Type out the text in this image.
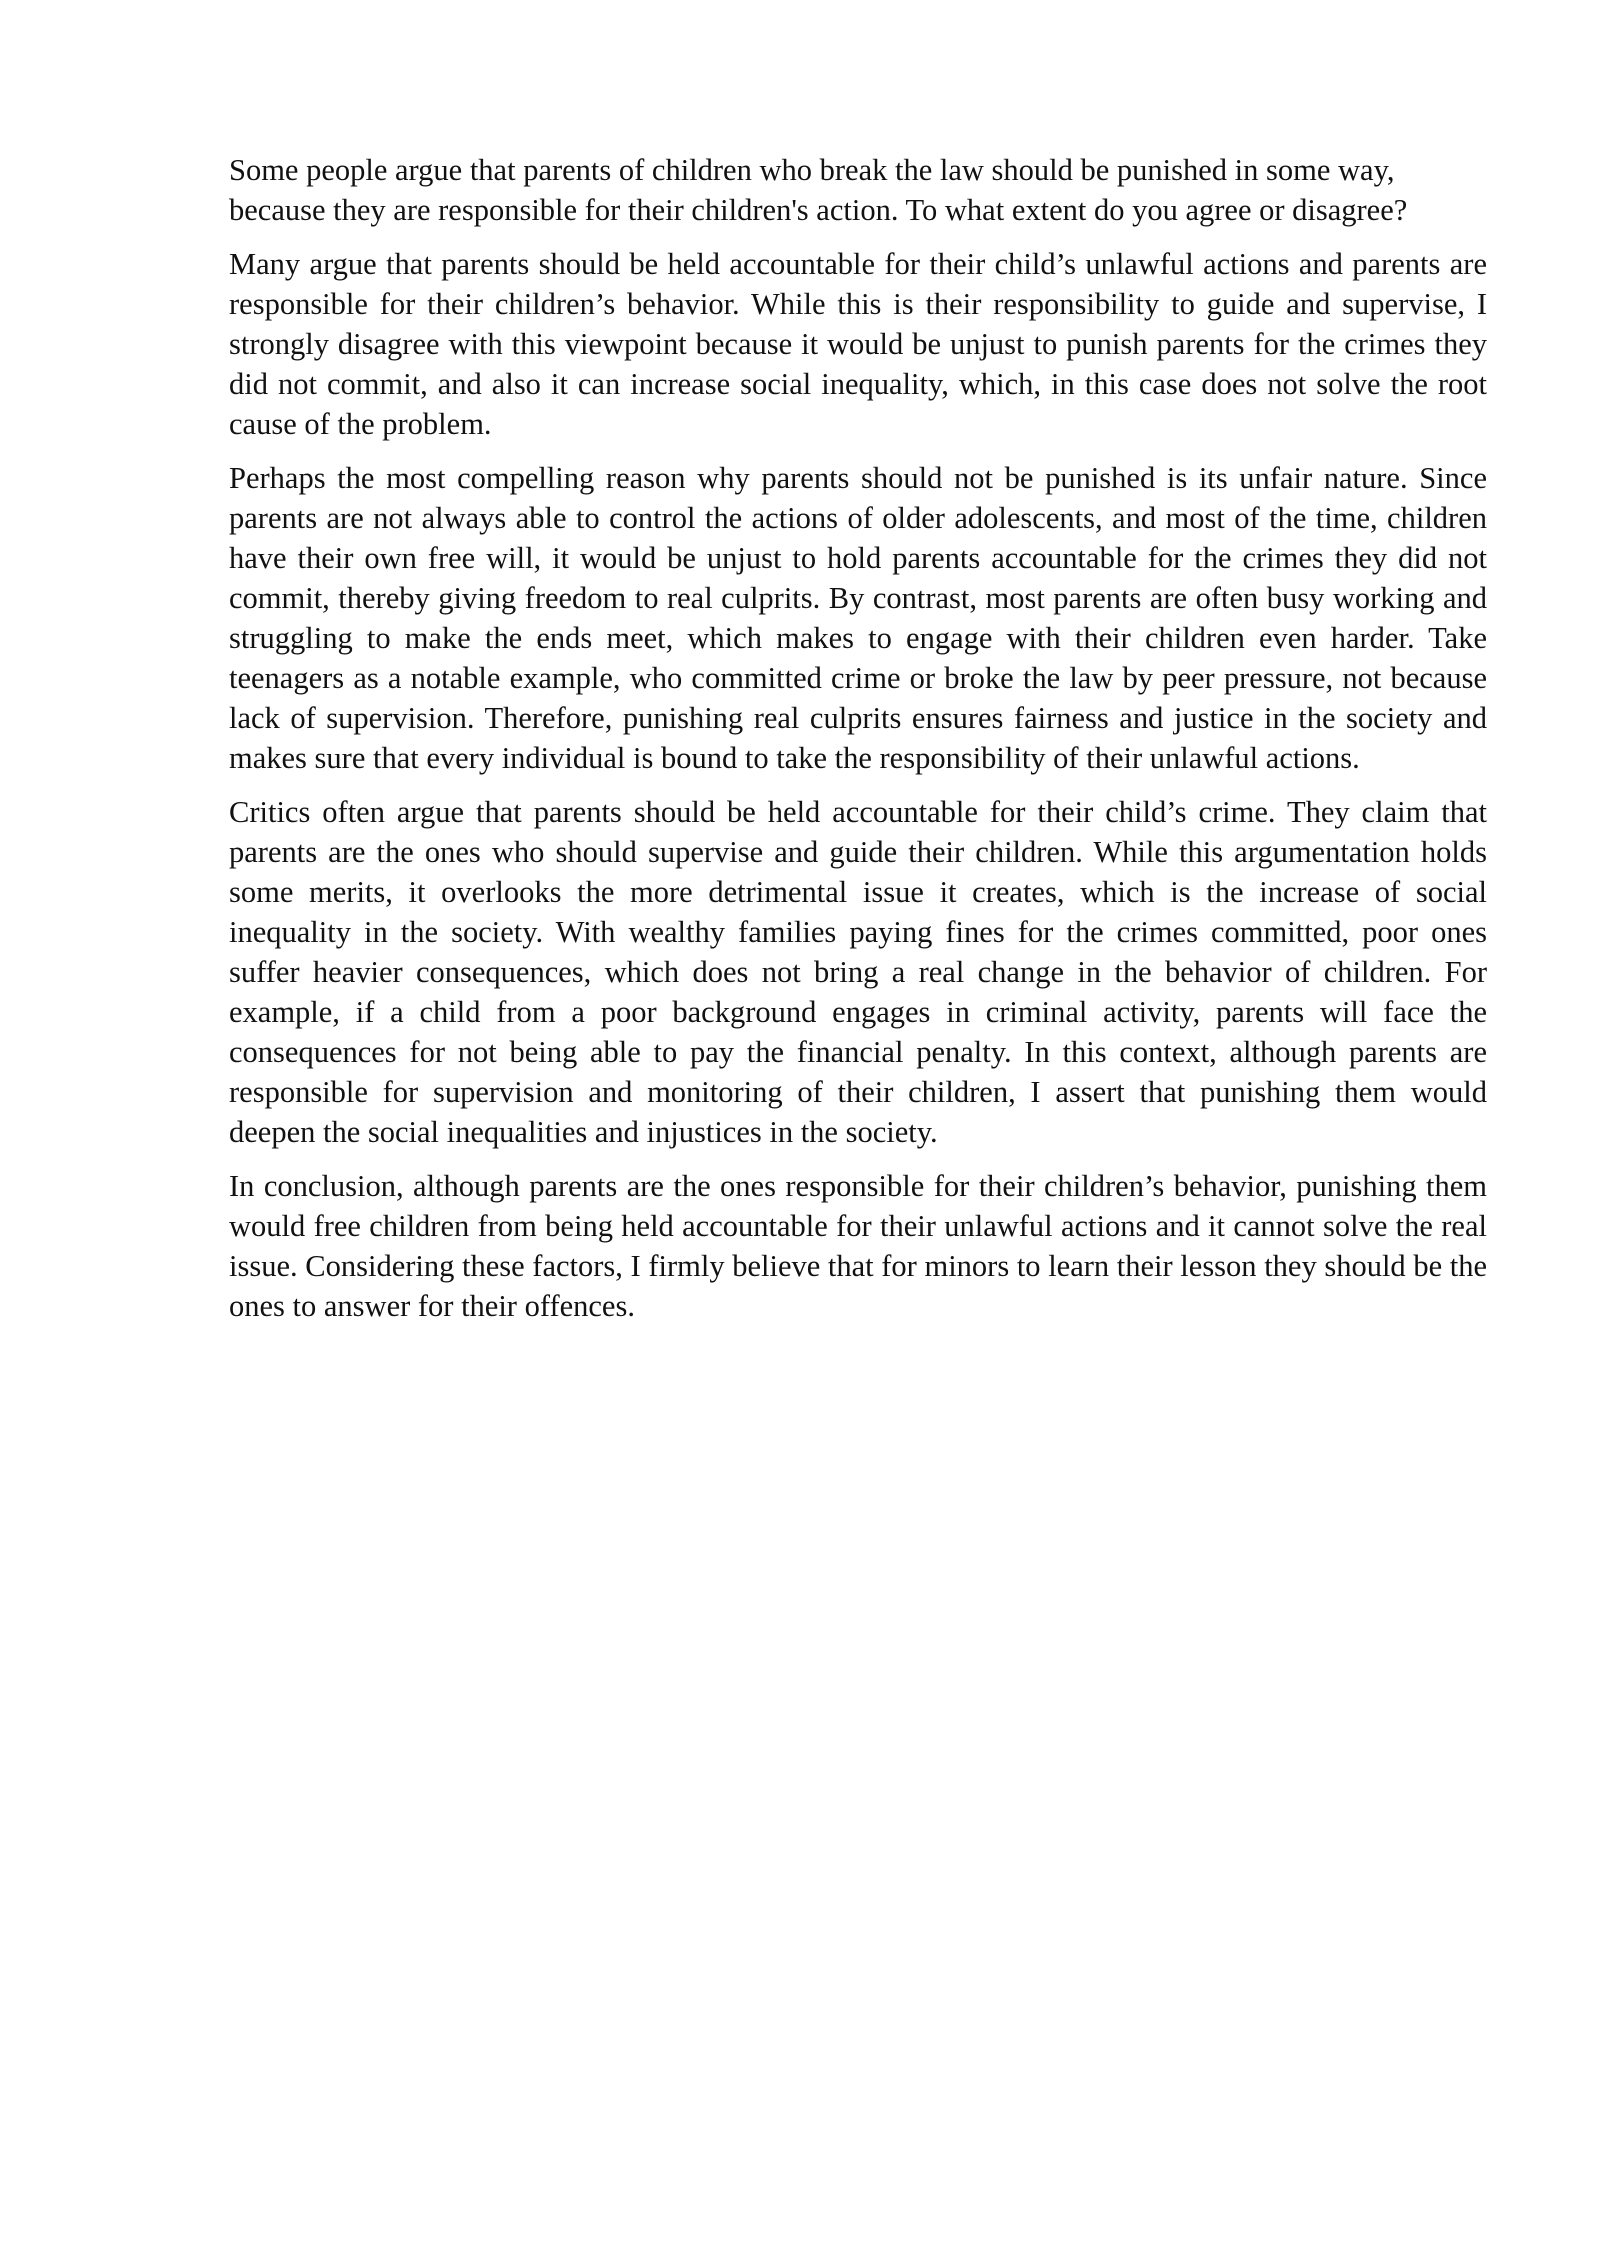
Some people argue that parents of children who break the law should be punished in some way, because they are responsible for their children's action. To what extent do you agree or disagree?

Many argue that parents should be held accountable for their child’s unlawful actions and parents are responsible for their children’s behavior. While this is their responsibility to guide and supervise, I strongly disagree with this viewpoint because it would be unjust to punish parents for the crimes they did not commit, and also it can increase social inequality, which, in this case does not solve the root cause of the problem.

Perhaps the most compelling reason why parents should not be punished is its unfair nature. Since parents are not always able to control the actions of older adolescents, and most of the time, children have their own free will, it would be unjust to hold parents accountable for the crimes they did not commit, thereby giving freedom to real culprits. By contrast, most parents are often busy working and struggling to make the ends meet, which makes to engage with their children even harder. Take teenagers as a notable example, who committed crime or broke the law by peer pressure, not because lack of supervision. Therefore, punishing real culprits ensures fairness and justice in the society and makes sure that every individual is bound to take the responsibility of their unlawful actions.

Critics often argue that parents should be held accountable for their child’s crime. They claim that parents are the ones who should supervise and guide their children. While this argumentation holds some merits, it overlooks the more detrimental issue it creates, which is the increase of social inequality in the society. With wealthy families paying fines for the crimes committed, poor ones suffer heavier consequences, which does not bring a real change in the behavior of children. For example, if a child from a poor background engages in criminal activity, parents will face the consequences for not being able to pay the financial penalty. In this context, although parents are responsible for supervision and monitoring of their children, I assert that punishing them would deepen the social inequalities and injustices in the society.

In conclusion, although parents are the ones responsible for their children’s behavior, punishing them would free children from being held accountable for their unlawful actions and it cannot solve the real issue. Considering these factors, I firmly believe that for minors to learn their lesson they should be the ones to answer for their offences.
